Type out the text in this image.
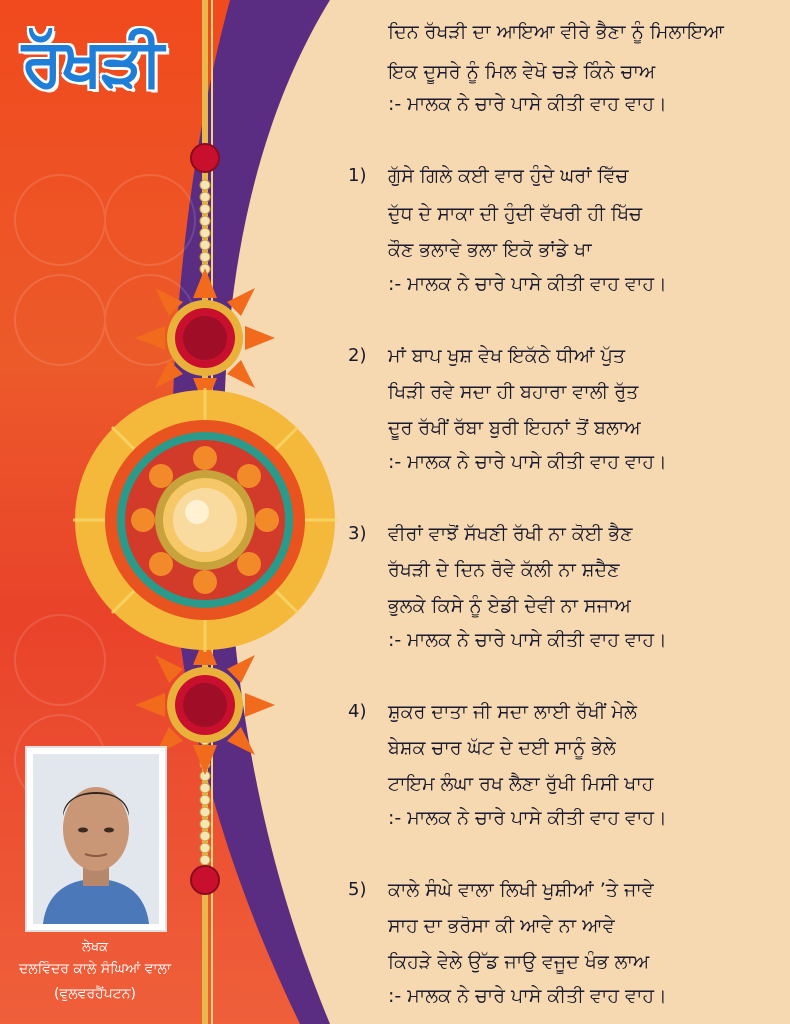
ਰੱਖੜੀ	ਦਿਨ ਰੱਖੜੀ ਦਾ ਆਇਆ ਵੀਰੇ ਭੈਣਾ ਨੂੰ ਮਿਲਾਇਆ
ਇਕ ਦੂਸਰੇ ਨੂੰ ਮਿਲ ਵੇਖੋ ਚੜੇ ਕਿੰਨੇ ਚਾਅ
:- ਮਾਲਕ ਨੇ ਚਾਰੇ ਪਾਸੇ ਕੀਤੀ ਵਾਹ ਵਾਹ।
1) ਗੁੱਸੇ ਗਿਲੇ ਕਈ ਵਾਰ ਹੁੰਦੇ ਘਰਾਂ ਵਿੱਚ
ਦੁੱਧ ਦੇ ਸਾਕਾ ਦੀ ਹੁੰਦੀ ਵੱਖਰੀ ਹੀ ਖਿੱਚ
ਕੌਣ ਭਲਾਵੇ ਭਲਾ ਇਕੋ ਭਾਂਡੇ ਖਾ
:- ਮਾਲਕ ਨੇ ਚਾਰੇ ਪਾਸੇ ਕੀਤੀ ਵਾਹ ਵਾਹ।
2) ਮਾਂ ਬਾਪ ਖੁਸ਼ ਵੇਖ ਇਕੱਠੇ ਧੀਆਂ ਪੁੱਤ
ਖਿੜੀ ਰਵੇ ਸਦਾ ਹੀ ਬਹਾਰਾ ਵਾਲੀ ਰੁੱਤ
ਦੂਰ ਰੱਖੀਂ ਰੱਬਾ ਬੁਰੀ ਇਹਨਾਂ ਤੋਂ ਬਲਾਅ
:- ਮਾਲਕ ਨੇ ਚਾਰੇ ਪਾਸੇ ਕੀਤੀ ਵਾਹ ਵਾਹ।
3) ਵੀਰਾਂ ਵਾਝੋਂ ਸੱਖਣੀ ਰੱਖੀ ਨਾ ਕੋਈ ਭੈਣ
ਰੱਖੜੀ ਦੇ ਦਿਨ ਰੋਵੇ ਕੱਲੀ ਨਾ ਸ਼ਦੈਣ
ਭੁਲਕੇ ਕਿਸੇ ਨੂੰ ਏਡੀ ਦੇਵੀ ਨਾ ਸਜਾਅ
:- ਮਾਲਕ ਨੇ ਚਾਰੇ ਪਾਸੇ ਕੀਤੀ ਵਾਹ ਵਾਹ।
4) ਸ਼ੁਕਰ ਦਾਤਾ ਜੀ ਸਦਾ ਲਾਈ ਰੱਖੀਂ ਮੇਲੇ
ਬੇਸ਼ਕ ਚਾਰ ਘੱਟ ਦੇ ਦਈ ਸਾਨੂੰ ਭੇਲੇ
ਟਾਇਮ ਲੰਘਾ ਰਖ ਲੈਣਾ ਰੁੱਖੀ ਮਿਸੀ ਖਾਹ
:- ਮਾਲਕ ਨੇ ਚਾਰੇ ਪਾਸੇ ਕੀਤੀ ਵਾਹ ਵਾਹ।
5) ਕਾਲੇ ਸੰਘੇ ਵਾਲਾ ਲਿਖੀ ਖੁਸ਼ੀਆਂ ’ਤੇ ਜਾਵੇ
ਸਾਹ ਦਾ ਭਰੋਸਾ ਕੀ ਆਵੇ ਨਾ ਆਵੇ
ਕਿਹੜੇ ਵੇਲੇ ਉੱਡ ਜਾਉ ਵਜੂਦ ਖੰਭ ਲਾਅ
:- ਮਾਲਕ ਨੇ ਚਾਰੇ ਪਾਸੇ ਕੀਤੀ ਵਾਹ ਵਾਹ।
ਲੇਖਕ
ਦਲਵਿੰਦਰ ਕਾਲੇ ਸੰਘਿਆਂ ਵਾਲਾ
(ਵੁਲਵਰਹੈਂਪਟਨ)
